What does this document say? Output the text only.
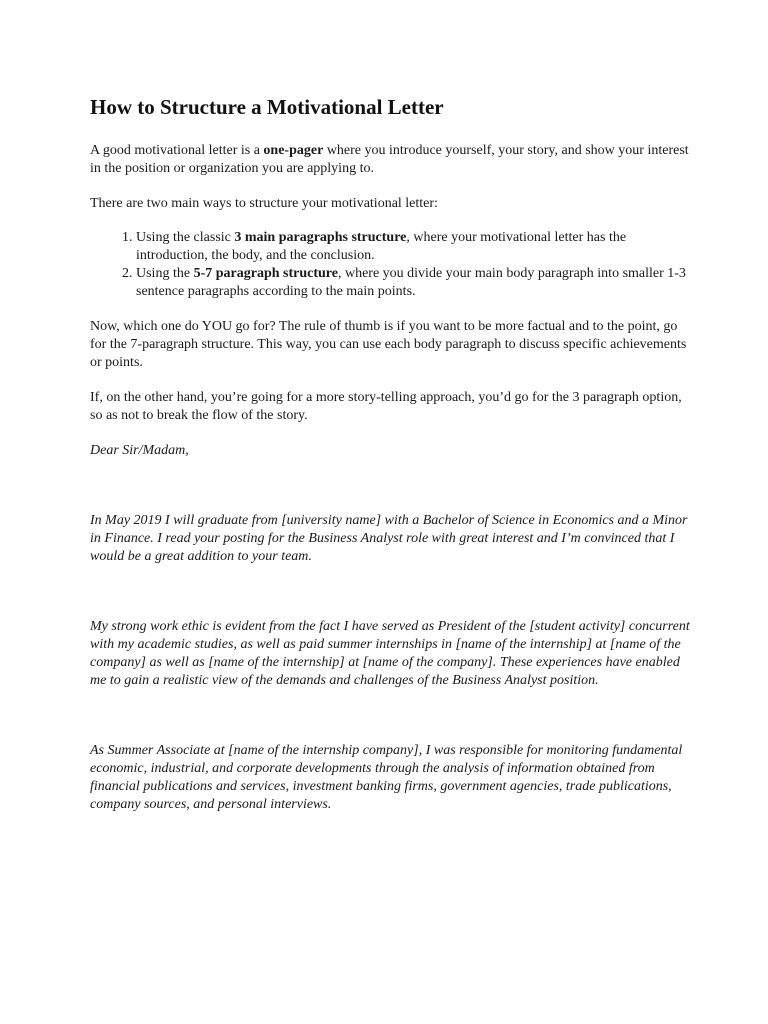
How to Structure a Motivational Letter

A good motivational letter is a one-pager where you introduce yourself, your story, and show your interest in the position or organization you are applying to.

There are two main ways to structure your motivational letter:

1. Using the classic 3 main paragraphs structure, where your motivational letter has the introduction, the body, and the conclusion.
2. Using the 5-7 paragraph structure, where you divide your main body paragraph into smaller 1-3 sentence paragraphs according to the main points.

Now, which one do YOU go for? The rule of thumb is if you want to be more factual and to the point, go for the 7-paragraph structure. This way, you can use each body paragraph to discuss specific achievements or points.

If, on the other hand, you’re going for a more story-telling approach, you’d go for the 3 paragraph option, so as not to break the flow of the story.

Dear Sir/Madam,

In May 2019 I will graduate from [university name] with a Bachelor of Science in Economics and a Minor in Finance. I read your posting for the Business Analyst role with great interest and I’m convinced that I would be a great addition to your team.

My strong work ethic is evident from the fact I have served as President of the [student activity] concurrent with my academic studies, as well as paid summer internships in [name of the internship] at [name of the company] as well as [name of the internship] at [name of the company]. These experiences have enabled me to gain a realistic view of the demands and challenges of the Business Analyst position.

As Summer Associate at [name of the internship company], I was responsible for monitoring fundamental economic, industrial, and corporate developments through the analysis of information obtained from financial publications and services, investment banking firms, government agencies, trade publications, company sources, and personal interviews.
